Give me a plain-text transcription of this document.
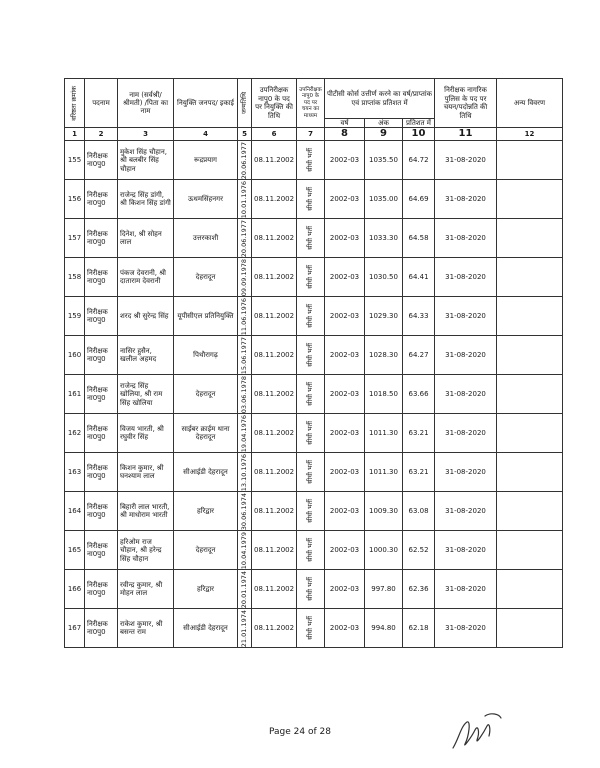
वरिष्ठता क्रमांक	पदनाम	नाम (सर्वश्री/श्रीमती) /पिता का नाम	नियुक्ति जनपद/ इकाई	जन्मतिथि	उपनिरीक्षक नापु0 के पद पर नियुक्ति की तिथि	उपनिरीक्षक नापु0 के पद पर चयन का माध्यम	पीटीसी कोर्स उत्तीर्ण करने का वर्ष/प्राप्तांक एवं प्राप्तांक प्रतिशत में			निरीक्षक नागरिक पुलिस के पद पर चयन/पदोन्नति की तिथि	अन्य विवरण
							वर्ष	अंक	प्रतिशत में		
1	2	3	4	5	6	7	8	9	10	11	12
155	निरीक्षक ना0पु0	मुकेश सिंह चौहान, श्री बलबीर सिंह चौहान	रूद्रप्रयाग	20.06.1977	08.11.2002	सीधी भर्ती	2002-03	1035.50	64.72	31-08-2020	
156	निरीक्षक ना0पु0	राजेन्द्र सिंह डांगी, श्री किशन सिंह डांगी	ऊधमसिंहनगर	10.01.1976	08.11.2002	सीधी भर्ती	2002-03	1035.00	64.69	31-08-2020	
157	निरीक्षक ना0पु0	दिनेश, श्री सोहन लाल	उत्तरकाशी	20.06.1977	08.11.2002	सीधी भर्ती	2002-03	1033.30	64.58	31-08-2020	
158	निरीक्षक ना0पु0	पंकज देवरानी, श्री दाताराम देवरानी	देहरादून	09.09.1978	08.11.2002	सीधी भर्ती	2002-03	1030.50	64.41	31-08-2020	
159	निरीक्षक ना0पु0	शरद श्री सुरेन्द्र सिंह	यूपीसीएल प्रतिनियुक्ति	11.06.1976	08.11.2002	सीधी भर्ती	2002-03	1029.30	64.33	31-08-2020	
160	निरीक्षक ना0पु0	नासिर हुसैन, खलील अहमद	पिथौरागढ़	15.06.1977	08.11.2002	सीधी भर्ती	2002-03	1028.30	64.27	31-08-2020	
161	निरीक्षक ना0पु0	राजेन्द्र सिंह खोलिया, श्री राम सिंह खोलिया	देहरादून	03.06.1978	08.11.2002	सीधी भर्ती	2002-03	1018.50	63.66	31-08-2020	
162	निरीक्षक ना0पु0	विजय भारती, श्री रघुवीर सिंह	साईबर क्राईम थाना देहरादून	19.04.1976	08.11.2002	सीधी भर्ती	2002-03	1011.30	63.21	31-08-2020	
163	निरीक्षक ना0पु0	किशन कुमार, श्री घनश्याम लाल	सीआईडी देहरादून	13.10.1976	08.11.2002	सीधी भर्ती	2002-03	1011.30	63.21	31-08-2020	
164	निरीक्षक ना0पु0	बिहारी लाल भारती, श्री माधोराम भारती	हरिद्वार	30.06.1974	08.11.2002	सीधी भर्ती	2002-03	1009.30	63.08	31-08-2020	
165	निरीक्षक ना0पु0	हरिओम राज चौहान, श्री हरेन्द्र सिंह चौहान	देहरादून	10.04.1979	08.11.2002	सीधी भर्ती	2002-03	1000.30	62.52	31-08-2020	
166	निरीक्षक ना0पु0	रवीन्द्र कुमार, श्री मोहन लाल	हरिद्वार	20.01.1974	08.11.2002	सीधी भर्ती	2002-03	997.80	62.36	31-08-2020	
167	निरीक्षक ना0पु0	राकेश कुमार, श्री बसन्त राम	सीआईडी देहरादून	21.01.1974	08.11.2002	सीधी भर्ती	2002-03	994.80	62.18	31-08-2020	
Page 24 of 28
